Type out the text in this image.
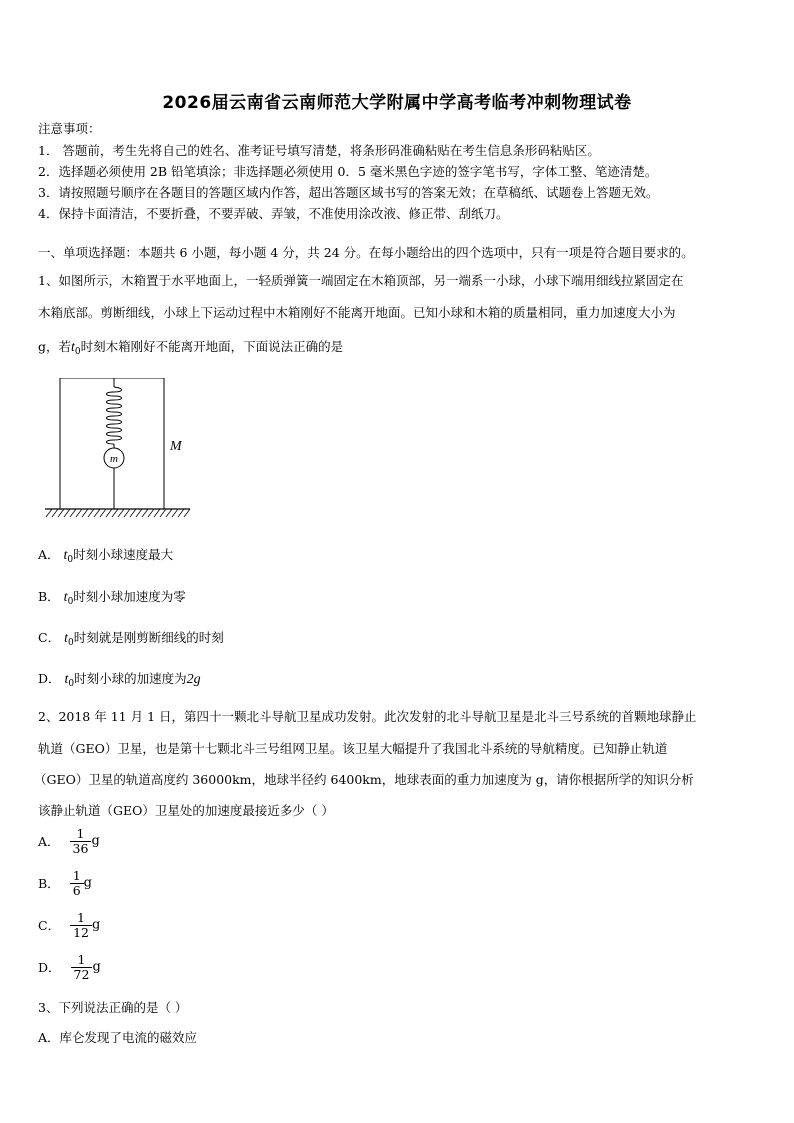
2026届云南省云南师范大学附属中学高考临考冲刺物理试卷
注意事项：
1． 答题前，考生先将自己的姓名、准考证号填写清楚，将条形码准确粘贴在考生信息条形码粘贴区。
2．选择题必须使用 2B 铅笔填涂；非选择题必须使用 0．5 毫米黑色字迹的签字笔书写，字体工整、笔迹清楚。
3．请按照题号顺序在各题目的答题区域内作答，超出答题区域书写的答案无效；在草稿纸、试题卷上答题无效。
4．保持卡面清洁，不要折叠，不要弄破、弄皱，不准使用涂改液、修正带、刮纸刀。
一、单项选择题：本题共 6 小题，每小题 4 分，共 24 分。在每小题给出的四个选项中，只有一项是符合题目要求的。
1、如图所示，木箱置于水平地面上，一轻质弹簧一端固定在木箱顶部，另一端系一小球，小球下端用细线拉紧固定在
木箱底部。剪断细线，小球上下运动过程中木箱刚好不能离开地面。已知小球和木箱的质量相同，重力加速度大小为
g，若$t_0$时刻木箱刚好不能离开地面，下面说法正确的是
m
M
A． $t_0$时刻小球速度最大
B． $t_0$时刻小球加速度为零
C． $t_0$时刻就是刚剪断细线的时刻
D． $t_0$时刻小球的加速度为2g
2、2018 年 11 月 1 日，第四十一颗北斗导航卫星成功发射。此次发射的北斗导航卫星是北斗三号系统的首颗地球静止
轨道（GEO）卫星，也是第十七颗北斗三号组网卫星。该卫星大幅提升了我国北斗系统的导航精度。已知静止轨道
（GEO）卫星的轨道高度约 36000km，地球半径约 6400km，地球表面的重力加速度为 g，请你根据所学的知识分析
该静止轨道（GEO）卫星处的加速度最接近多少（ ）
A． $\frac{1}{36}$ g
B． $\frac{1}{6}$ g
C． $\frac{1}{12}$ g
D． $\frac{1}{72}$ g
3、下列说法正确的是（ ）
A．库仑发现了电流的磁效应
